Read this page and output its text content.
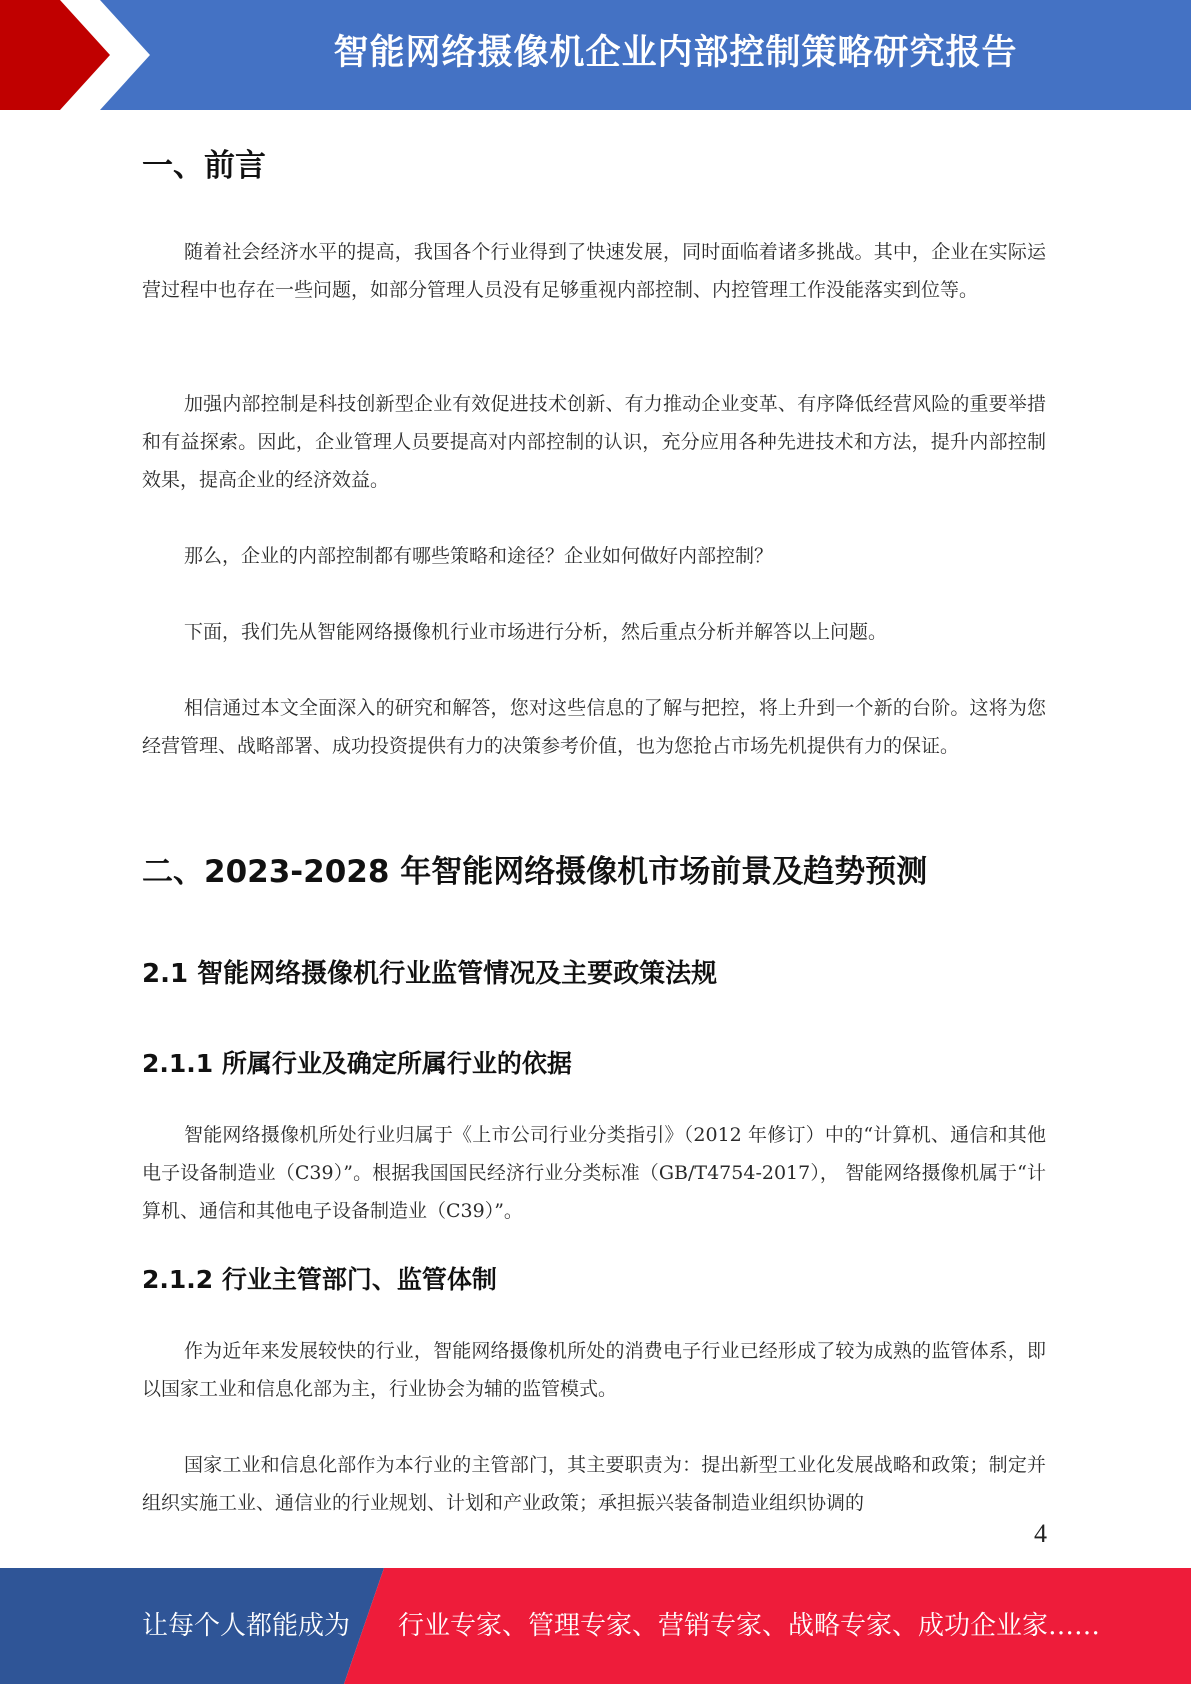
智能网络摄像机企业内部控制策略研究报告
一、前言

随着社会经济水平的提高，我国各个行业得到了快速发展，同时面临着诸多挑战。其中，企业在实际运营过程中也存在一些问题，如部分管理人员没有足够重视内部控制、内控管理工作没能落实到位等。

加强内部控制是科技创新型企业有效促进技术创新、有力推动企业变革、有序降低经营风险的重要举措和有益探索。因此，企业管理人员要提高对内部控制的认识，充分应用各种先进技术和方法，提升内部控制效果，提高企业的经济效益。

那么，企业的内部控制都有哪些策略和途径？企业如何做好内部控制？

下面，我们先从智能网络摄像机行业市场进行分析，然后重点分析并解答以上问题。

相信通过本文全面深入的研究和解答，您对这些信息的了解与把控，将上升到一个新的台阶。这将为您经营管理、战略部署、成功投资提供有力的决策参考价值，也为您抢占市场先机提供有力的保证。

二、2023-2028 年智能网络摄像机市场前景及趋势预测
2.1 智能网络摄像机行业监管情况及主要政策法规
2.1.1 所属行业及确定所属行业的依据

智能网络摄像机所处行业归属于《上市公司行业分类指引》（2012 年修订）中的“计算机、通信和其他电子设备制造业（C39）”。根据我国国民经济行业分类标准（GB/T4754-2017）， 智能网络摄像机属于“计算机、通信和其他电子设备制造业（C39）”。

2.1.2 行业主管部门、监管体制

作为近年来发展较快的行业，智能网络摄像机所处的消费电子行业已经形成了较为成熟的监管体系，即以国家工业和信息化部为主，行业协会为辅的监管模式。

国家工业和信息化部作为本行业的主管部门，其主要职责为：提出新型工业化发展战略和政策；制定并组织实施工业、通信业的行业规划、计划和产业政策；承担振兴装备制造业组织协调的

4
让每个人都能成为 行业专家、管理专家、营销专家、战略专家、成功企业家……
